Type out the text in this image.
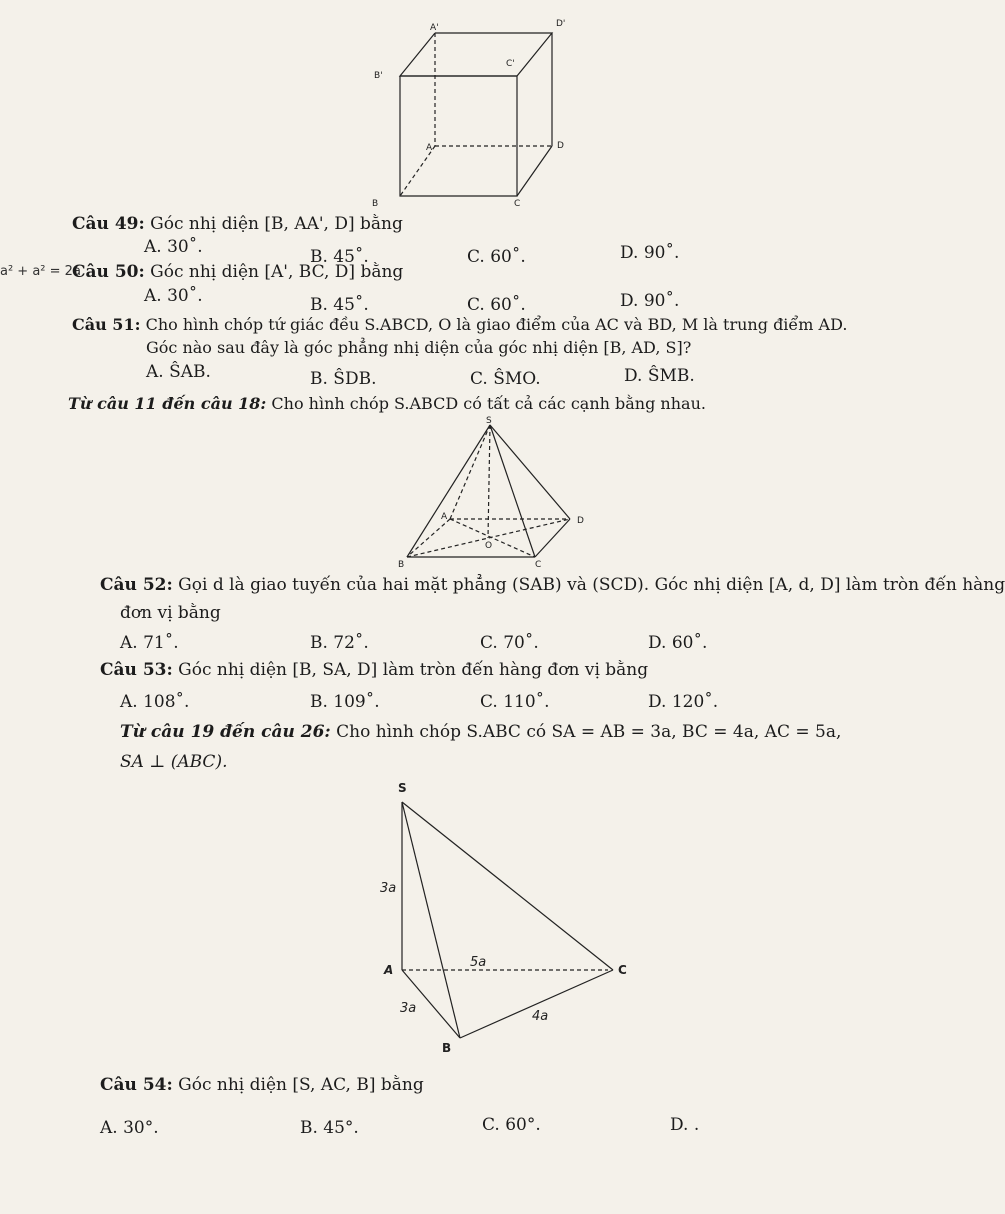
A'	D'
B'
C'
A	D
B	C
Câu 49: Góc nhị diện [B, AA', D] bằng
A. 30˚.	B. 45˚.	C. 60˚.	D. 90˚.
a² + a² = 2a
Câu 50: Góc nhị diện [A', BC, D] bằng
A. 30˚.	B. 45˚.	C. 60˚.	D. 90˚.
Câu 51: Cho hình chóp tứ giác đều S.ABCD, O là giao điểm của AC và BD, M là trung điểm AD.
Góc nào sau đây là góc phẳng nhị diện của góc nhị diện [B, AD, S]?
A. ŜAB.	B. ŜDB.	C. ŜMO.	D. ŜMB.
Từ câu 11 đến câu 18: Cho hình chóp S.ABCD có tất cả các cạnh bằng nhau.
S
A	D
O
B	C
Câu 52: Gọi d là giao tuyến của hai mặt phẳng (SAB) và (SCD). Góc nhị diện [A, d, D] làm tròn đến hàng
đơn vị bằng
A. 71˚.	B. 72˚.	C. 70˚.	D. 60˚.
Câu 53: Góc nhị diện [B, SA, D] làm tròn đến hàng đơn vị bằng
A. 108˚.	B. 109˚.	C. 110˚.	D. 120˚.
Từ câu 19 đến câu 26: Cho hình chóp S.ABC có SA = AB = 3a, BC = 4a, AC = 5a,
SA ⊥ (ABC).
S
A	C
B
3a
5a
3a
4a
Câu 54: Góc nhị diện [S, AC, B] bằng
A. 30°.	B. 45°.	C. 60°.	D. .
